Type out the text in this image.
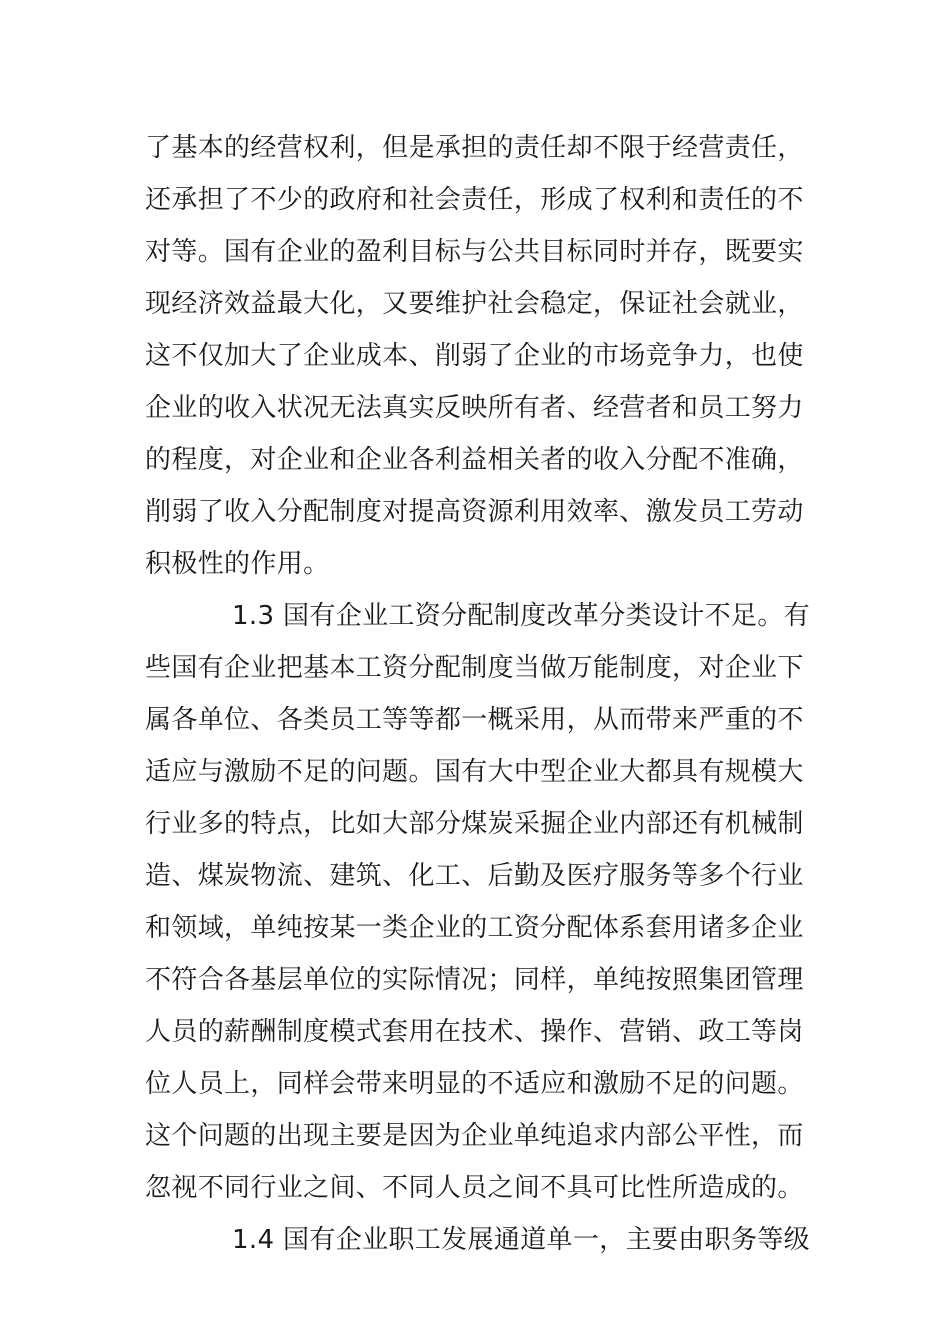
了基本的经营权利，但是承担的责任却不限于经营责任，
还承担了不少的政府和社会责任，形成了权利和责任的不
对等。国有企业的盈利目标与公共目标同时并存，既要实
现经济效益最大化，又要维护社会稳定，保证社会就业，
这不仅加大了企业成本、削弱了企业的市场竞争力，也使
企业的收入状况无法真实反映所有者、经营者和员工努力
的程度，对企业和企业各利益相关者的收入分配不准确，
削弱了收入分配制度对提高资源利用效率、激发员工劳动
积极性的作用。
1.3 国有企业工资分配制度改革分类设计不足。有
些国有企业把基本工资分配制度当做万能制度，对企业下
属各单位、各类员工等等都一概采用，从而带来严重的不
适应与激励不足的问题。国有大中型企业大都具有规模大
行业多的特点，比如大部分煤炭采掘企业内部还有机械制
造、煤炭物流、建筑、化工、后勤及医疗服务等多个行业
和领域，单纯按某一类企业的工资分配体系套用诸多企业
不符合各基层单位的实际情况；同样，单纯按照集团管理
人员的薪酬制度模式套用在技术、操作、营销、政工等岗
位人员上，同样会带来明显的不适应和激励不足的问题。
这个问题的出现主要是因为企业单纯追求内部公平性，而
忽视不同行业之间、不同人员之间不具可比性所造成的。
1.4 国有企业职工发展通道单一，主要由职务等级
